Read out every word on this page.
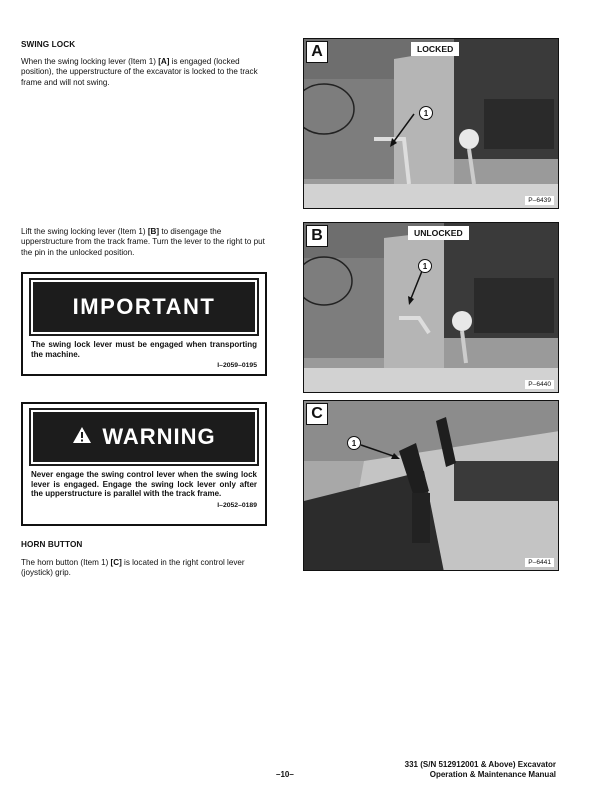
SWING LOCK
When the swing locking lever (Item 1) [A] is engaged (locked position), the upperstructure of the excavator is locked to the track frame and will not swing.
Lift the swing locking lever (Item 1) [B] to disengage the upperstructure from the track frame. Turn the lever to the right to put the pin in the unlocked position.
IMPORTANT
The swing lock lever must be engaged when transporting the machine.
I–2059–0195
WARNING
Never engage the swing control lever when the swing lock lever is engaged. Engage the swing lock lever only after the upperstructure is parallel with the track frame.
I–2052–0189
HORN BUTTON
The horn button (Item 1) [C] is located in the right control lever (joystick) grip.
A	LOCKED
1
P–6439
B	UNLOCKED
1
P–6440
C
1
P–6441
–10–
331 (S/N 512912001 & Above) Excavator
Operation & Maintenance Manual
